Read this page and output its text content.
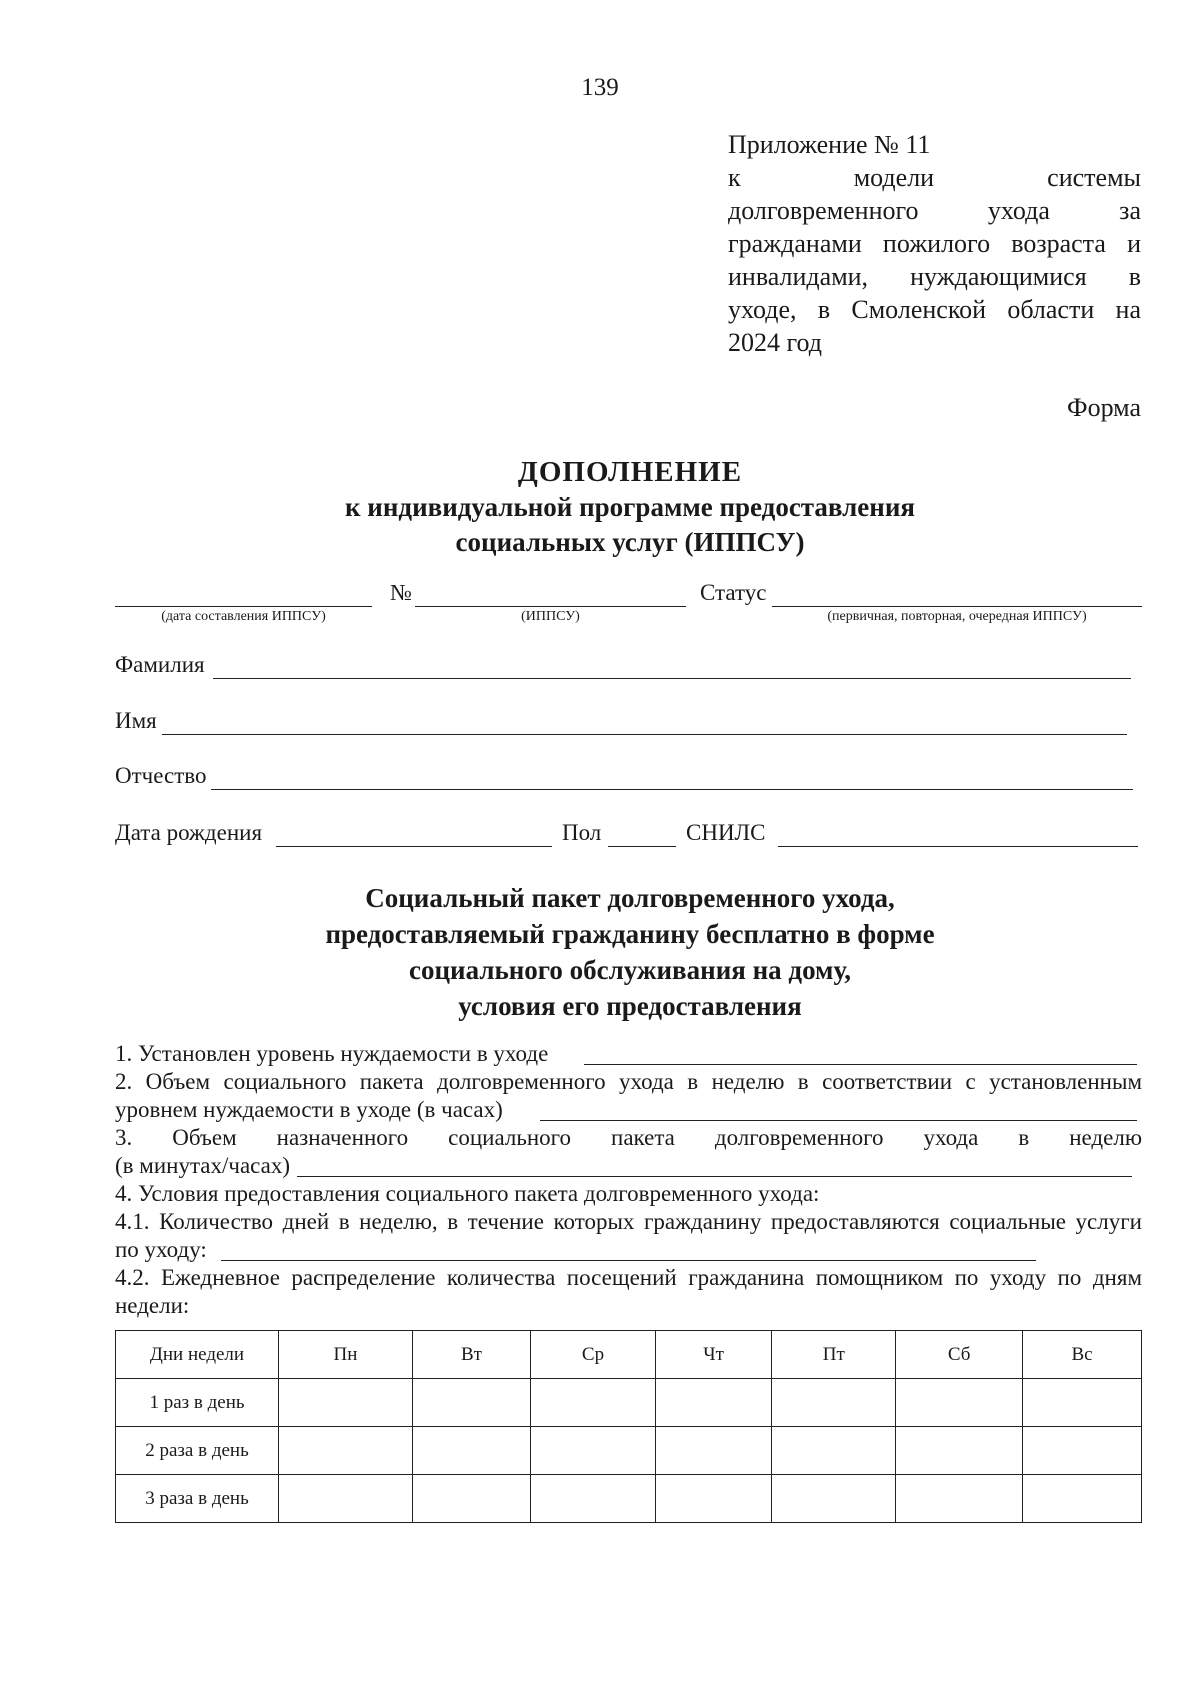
139
Приложение № 11
к модели системы
долговременного ухода за
гражданами пожилого возраста и
инвалидами, нуждающимися в
уходе, в Смоленской области на
2024 год
Форма
ДОПОЛНЕНИЕ
к индивидуальной программе предоставления
социальных услуг (ИППСУ)
№	Статус
(дата составления ИППСУ)	(ИППСУ)	(первичная, повторная, очередная ИППСУ)
Фамилия
Имя
Отчество
Дата рождения	Пол	СНИЛС
Социальный пакет долговременного ухода,
предоставляемый гражданину бесплатно в форме
социального обслуживания на дому,
условия его предоставления
1. Установлен уровень нуждаемости в уходе
2. Объем социального пакета долговременного ухода в неделю в соответствии с установленным
уровнем нуждаемости в уходе (в часах)
3. Объем назначенного социального пакета долговременного ухода в неделю
(в минутах/часах)
4. Условия предоставления социального пакета долговременного ухода:
4.1. Количество дней в неделю, в течение которых гражданину предоставляются социальные услуги
по уходу:
4.2. Ежедневное распределение количества посещений гражданина помощником по уходу по дням
недели:
Дни недели	Пн	Вт	Ср	Чт	Пт	Сб	Вс
1 раз в день							
2 раза в день							
3 раза в день							
